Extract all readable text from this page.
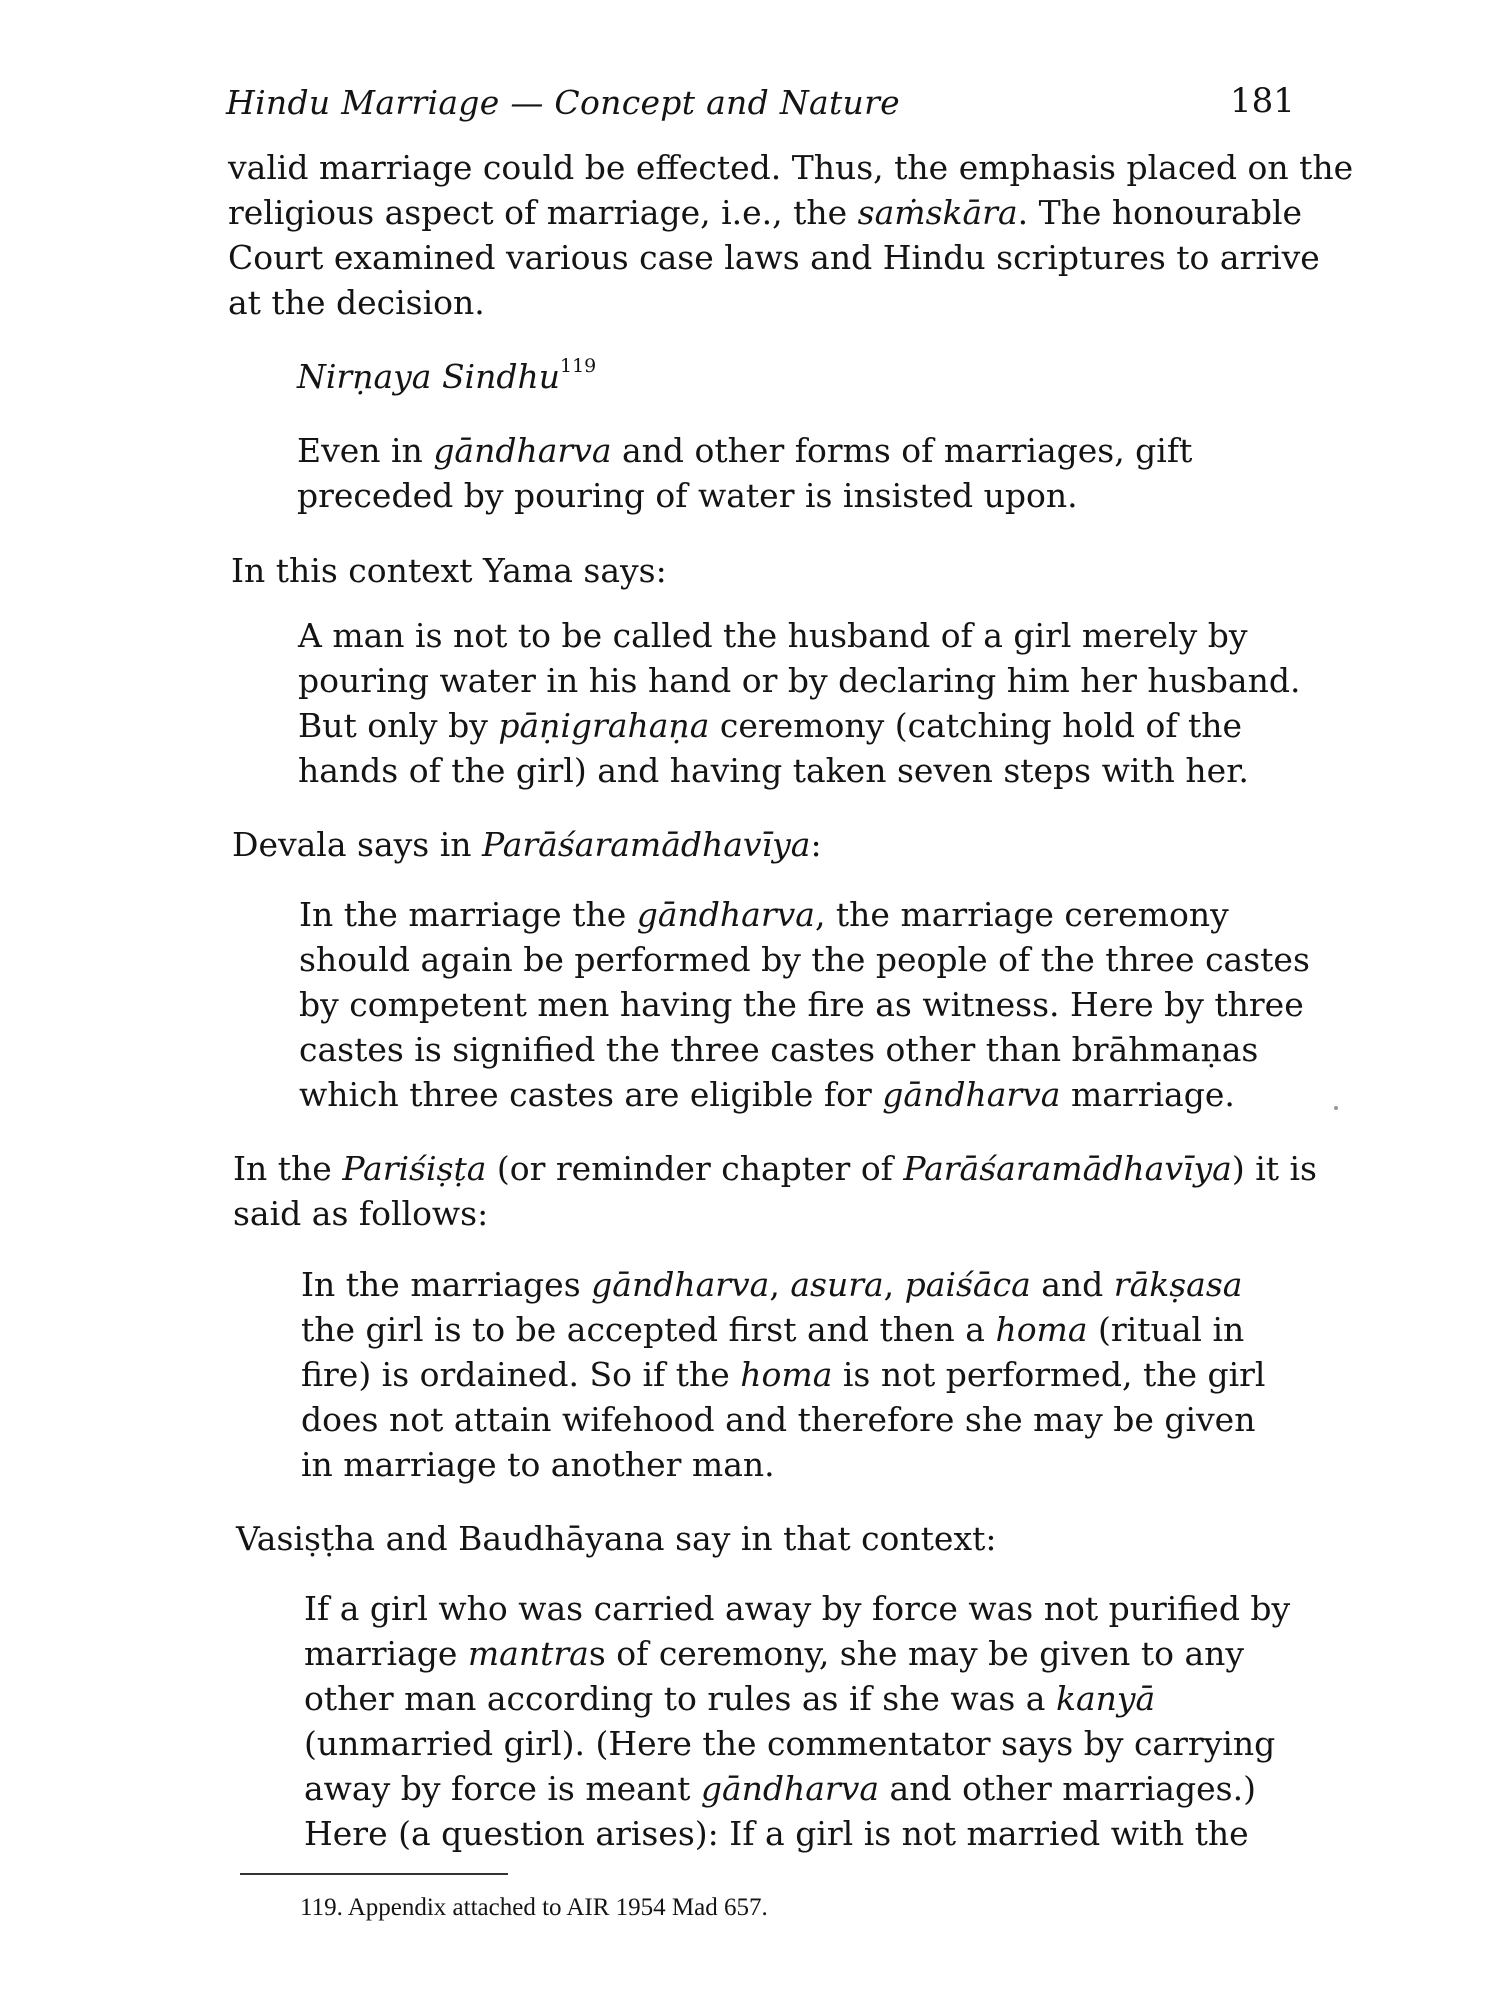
Hindu Marriage — Concept and Nature	181
valid marriage could be effected. Thus, the emphasis placed on the
religious aspect of marriage, i.e., the saṁskāra. The honourable
Court examined various case laws and Hindu scriptures to arrive
at the decision.
Nirṇaya Sindhu$^{119}$
Even in gāndharva and other forms of marriages, gift
preceded by pouring of water is insisted upon.
In this context Yama says:
A man is not to be called the husband of a girl merely by
pouring water in his hand or by declaring him her husband.
But only by pāṇigrahaṇa ceremony (catching hold of the
hands of the girl) and having taken seven steps with her.
Devala says in Parāśaramādhavīya:
In the marriage the gāndharva, the marriage ceremony
should again be performed by the people of the three castes
by competent men having the fire as witness. Here by three
castes is signified the three castes other than brāhmaṇas
which three castes are eligible for gāndharva marriage.
In the Pariśiṣṭa (or reminder chapter of Parāśaramādhavīya) it is
said as follows:
In the marriages gāndharva, asura, paiśāca and rākṣasa
the girl is to be accepted first and then a homa (ritual in
fire) is ordained. So if the homa is not performed, the girl
does not attain wifehood and therefore she may be given
in marriage to another man.
Vasiṣṭha and Baudhāyana say in that context:
If a girl who was carried away by force was not purified by
marriage mantras of ceremony, she may be given to any
other man according to rules as if she was a kanyā
(unmarried girl). (Here the commentator says by carrying
away by force is meant gāndharva and other marriages.)
Here (a question arises): If a girl is not married with the
119. Appendix attached to AIR 1954 Mad 657.
